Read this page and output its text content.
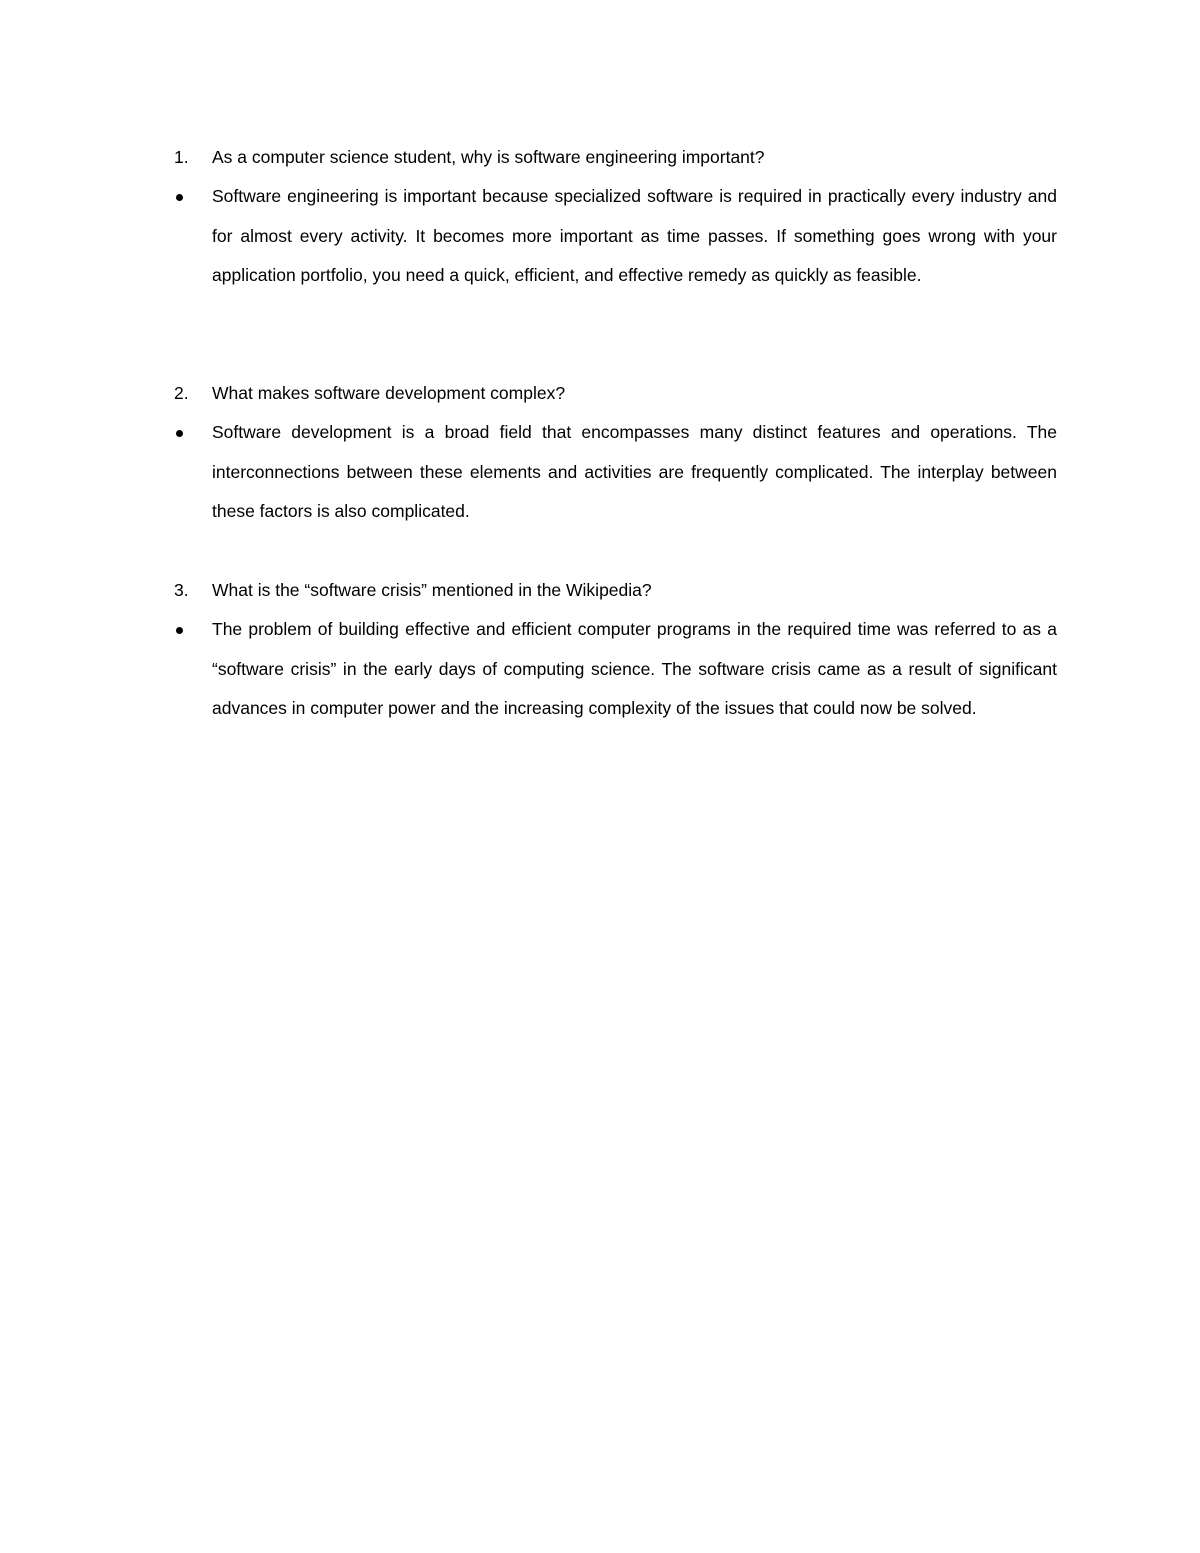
1. As a computer science student, why is software engineering important?
Software engineering is important because specialized software is required in practically every industry and for almost every activity. It becomes more important as time passes. If something goes wrong with your application portfolio, you need a quick, efficient, and effective remedy as quickly as feasible.
2. What makes software development complex?
Software development is a broad field that encompasses many distinct features and operations. The interconnections between these elements and activities are frequently complicated. The interplay between these factors is also complicated.
3. What is the “software crisis” mentioned in the Wikipedia?
The problem of building effective and efficient computer programs in the required time was referred to as a “software crisis” in the early days of computing science. The software crisis came as a result of significant advances in computer power and the increasing complexity of the issues that could now be solved.
